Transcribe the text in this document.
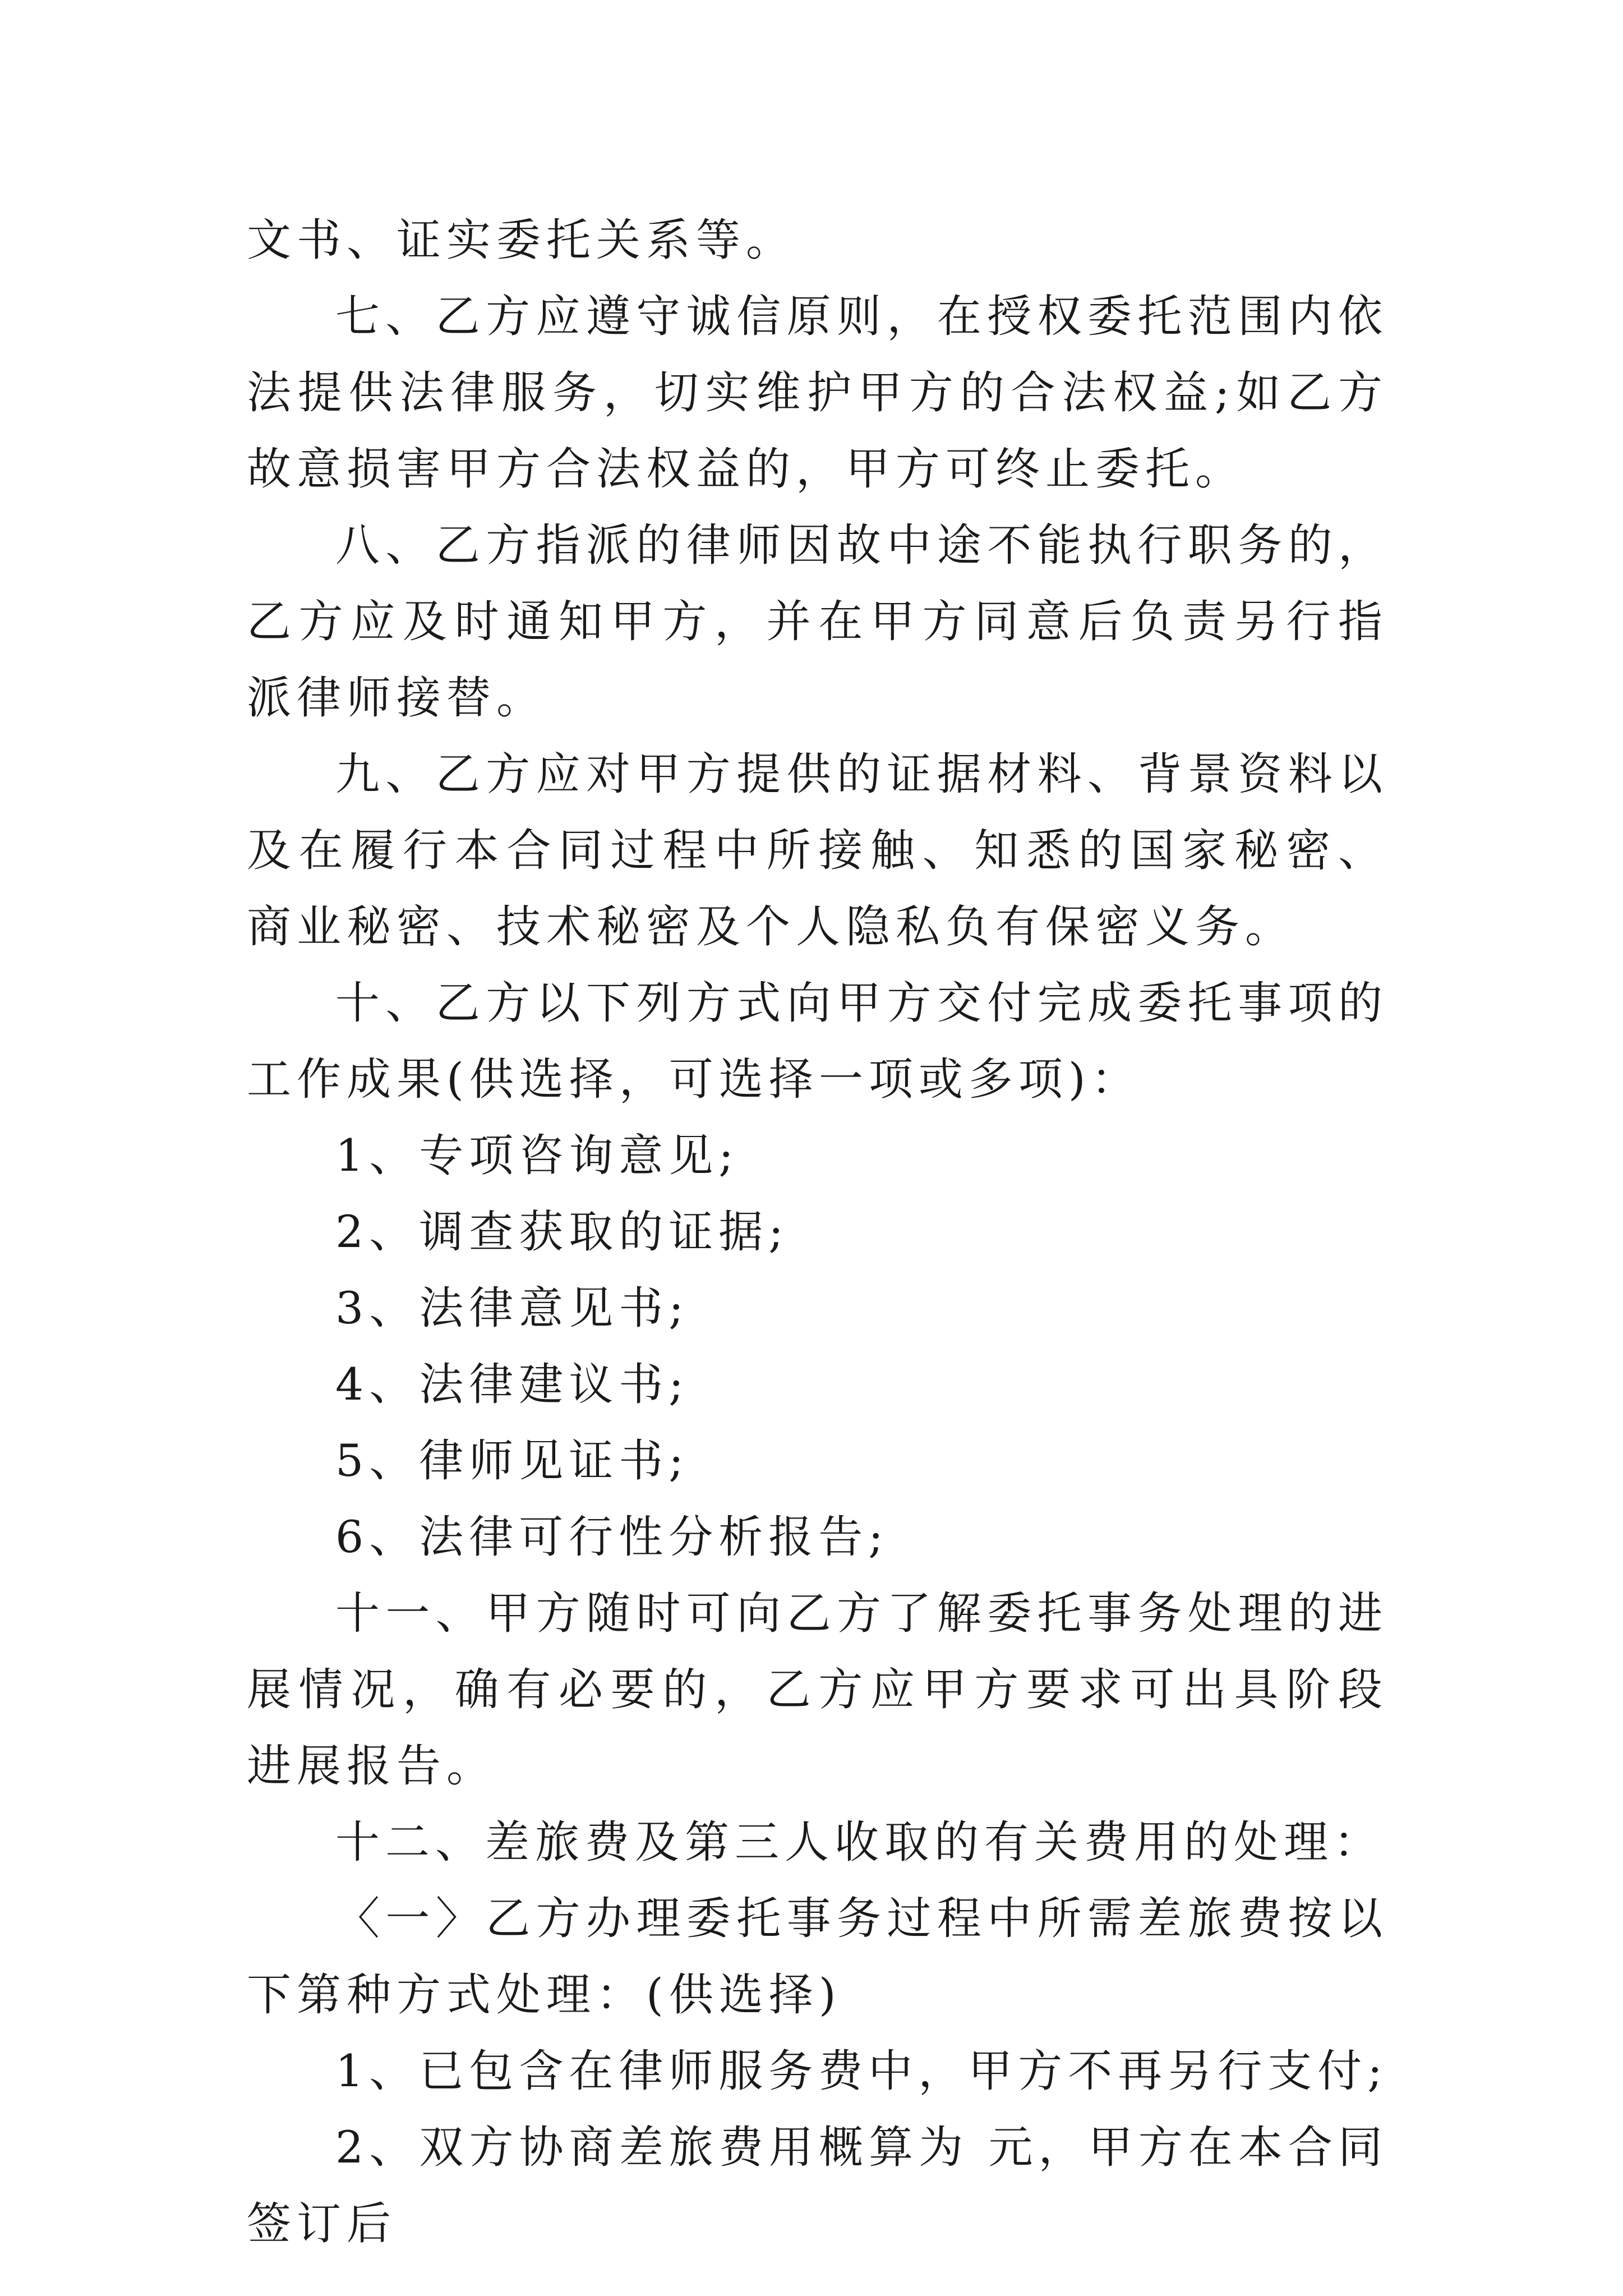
文书、证实委托关系等。

七、乙方应遵守诚信原则，在授权委托范围内依法提供法律服务，切实维护甲方的合法权益;如乙方故意损害甲方合法权益的，甲方可终止委托。

八、乙方指派的律师因故中途不能执行职务的，乙方应及时通知甲方，并在甲方同意后负责另行指派律师接替。

九、乙方应对甲方提供的证据材料、背景资料以及在履行本合同过程中所接触、知悉的国家秘密、商业秘密、技术秘密及个人隐私负有保密义务。

十、乙方以下列方式向甲方交付完成委托事项的工作成果(供选择，可选择一项或多项)：

1、专项咨询意见;

2、调查获取的证据;

3、法律意见书;

4、法律建议书;

5、律师见证书;

6、法律可行性分析报告;

十一、甲方随时可向乙方了解委托事务处理的进展情况，确有必要的，乙方应甲方要求可出具阶段进展报告。

十二、差旅费及第三人收取的有关费用的处理：

〈一〉乙方办理委托事务过程中所需差旅费按以下第种方式处理：(供选择)

1、已包含在律师服务费中，甲方不再另行支付;

2、双方协商差旅费用概算为 元，甲方在本合同签订后
